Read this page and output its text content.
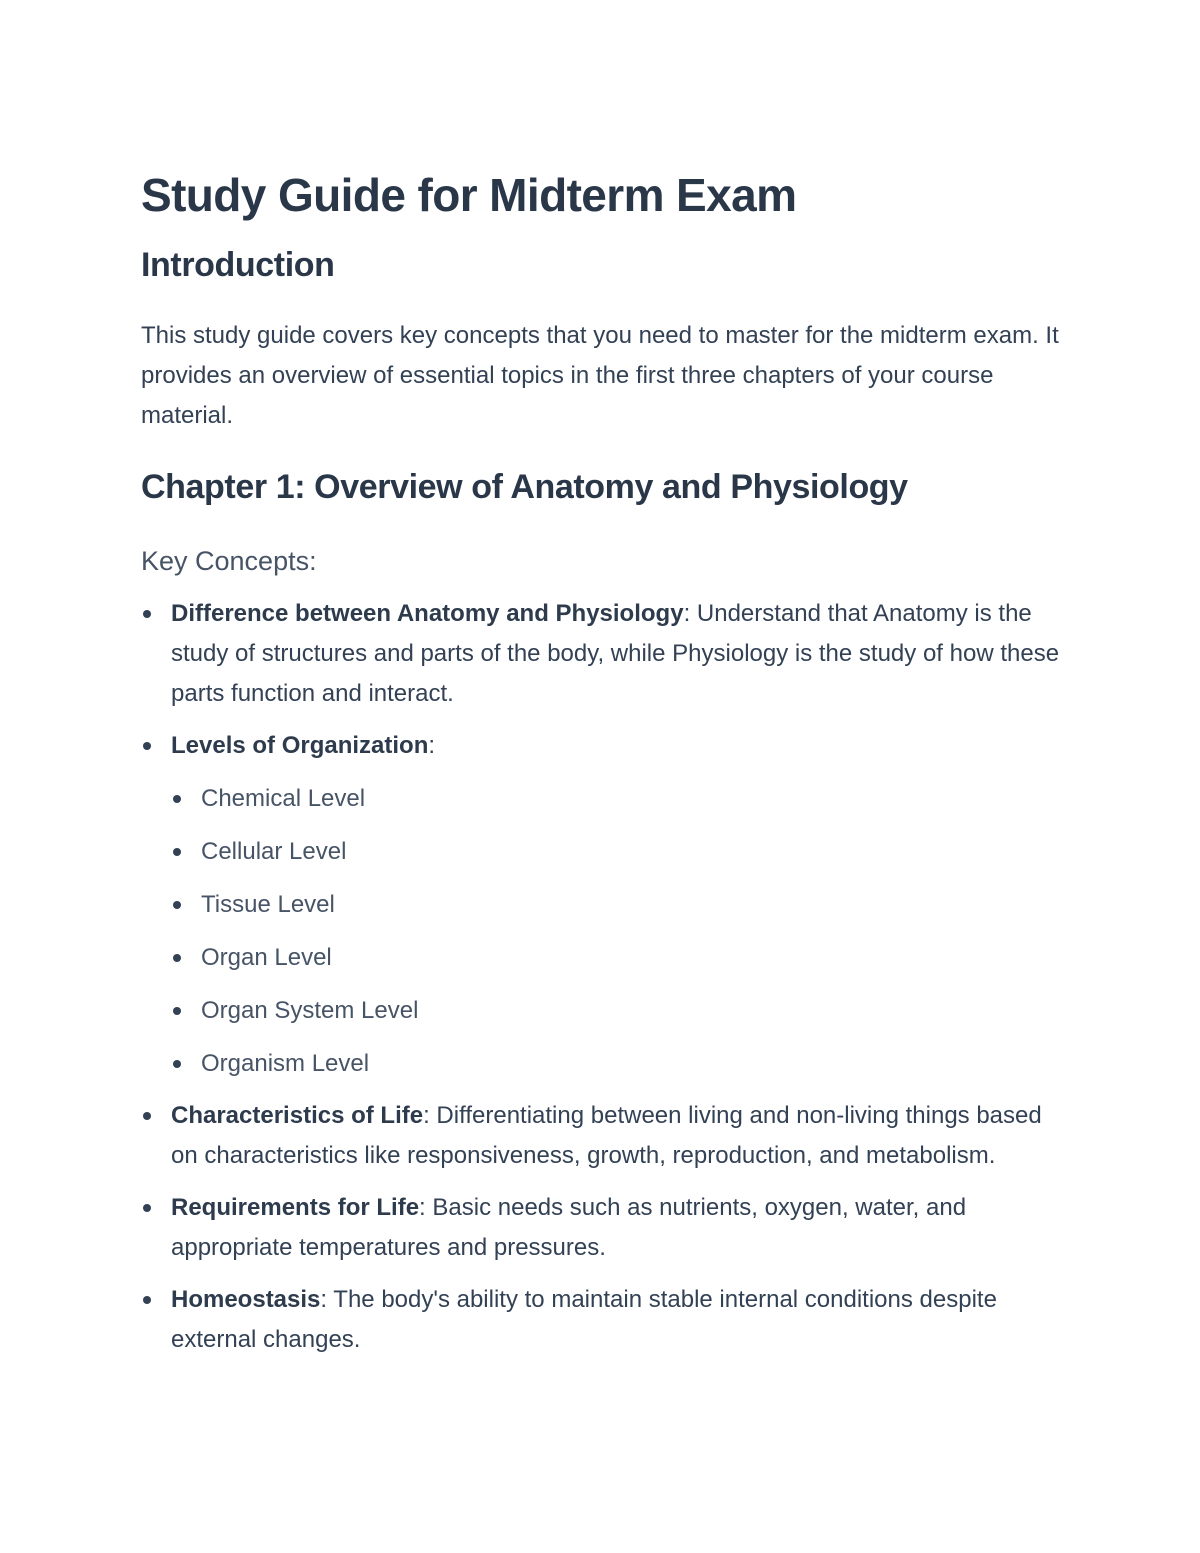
Study Guide for Midterm Exam
Introduction

This study guide covers key concepts that you need to master for the midterm exam. It provides an overview of essential topics in the first three chapters of your course material.

Chapter 1: Overview of Anatomy and Physiology
Key Concepts:
Difference between Anatomy and Physiology: Understand that Anatomy is the study of structures and parts of the body, while Physiology is the study of how these parts function and interact.
Levels of Organization:
Chemical Level
Cellular Level
Tissue Level
Organ Level
Organ System Level
Organism Level
Characteristics of Life: Differentiating between living and non-living things based on characteristics like responsiveness, growth, reproduction, and metabolism.
Requirements for Life: Basic needs such as nutrients, oxygen, water, and appropriate temperatures and pressures.
Homeostasis: The body's ability to maintain stable internal conditions despite external changes.
